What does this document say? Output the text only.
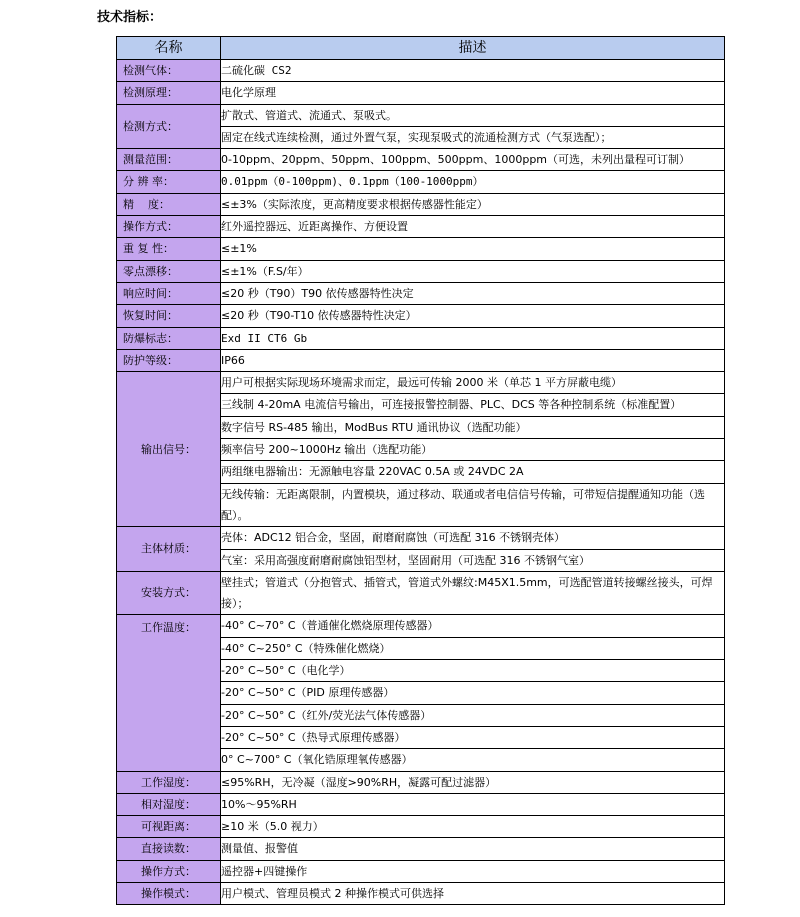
技术指标：
名称	描述
检测气体：	二硫化碳 CS2
检测原理：	电化学原理
检测方式：	扩散式、管道式、流通式、泵吸式。
	固定在线式连续检测，通过外置气泵，实现泵吸式的流通检测方式（气泵选配）；
测量范围：	0-10ppm、20ppm、50ppm、100ppm、500ppm、1000ppm（可选，未列出量程可订制）
分 辨 率：	0.01ppm（0-100ppm)、0.1ppm（100-1000ppm）
精    度：	≤±3%（实际浓度，更高精度要求根据传感器性能定）
操作方式：	红外遥控器远、近距离操作、方便设置
重 复 性：	≤±1%
零点漂移：	≤±1%（F.S/年）
响应时间：	≤20 秒（T90）T90 依传感器特性决定
恢复时间：	≤20 秒（T90-T10 依传感器特性决定）
防爆标志：	Exd II CT6 Gb
防护等级：	IP66
输出信号：	用户可根据实际现场环境需求而定，最远可传输 2000 米（单芯 1 平方屏蔽电缆）
	三线制 4-20mA 电流信号输出，可连接报警控制器、PLC、DCS 等各种控制系统（标准配置）
	数字信号 RS-485 输出，ModBus RTU 通讯协议（选配功能）
	频率信号 200~1000Hz 输出（选配功能）
	两组继电器输出：无源触电容量 220VAC 0.5A 或 24VDC 2A
	无线传输：无距离限制，内置模块，通过移动、联通或者电信信号传输，可带短信提醒通知功能（选配）。
主体材质：	壳体：ADC12 铝合金，坚固，耐磨耐腐蚀（可选配 316 不锈钢壳体）
	气室：采用高强度耐磨耐腐蚀铝型材，坚固耐用（可选配 316 不锈钢气室）
安装方式：	壁挂式；管道式（分抱管式、插管式，管道式外螺纹:M45X1.5mm，可选配管道转接螺丝接头，可焊接）；
工作温度：	-40° C~70° C（普通催化燃烧原理传感器）
	-40° C~250° C（特殊催化燃烧）
	-20° C~50° C（电化学）
	-20° C~50° C（PID 原理传感器）
	-20° C~50° C（红外/荧光法气体传感器）
	-20° C~50° C（热导式原理传感器）
	0° C~700° C（氧化锆原理氧传感器）
工作湿度：	≤95%RH，无冷凝（湿度>90%RH，凝露可配过滤器）
相对湿度：	10%～95%RH
可视距离：	≥10 米（5.0 视力）
直接读数：	测量值、报警值
操作方式：	遥控器+四键操作
操作模式：	用户模式、管理员模式 2 种操作模式可供选择
